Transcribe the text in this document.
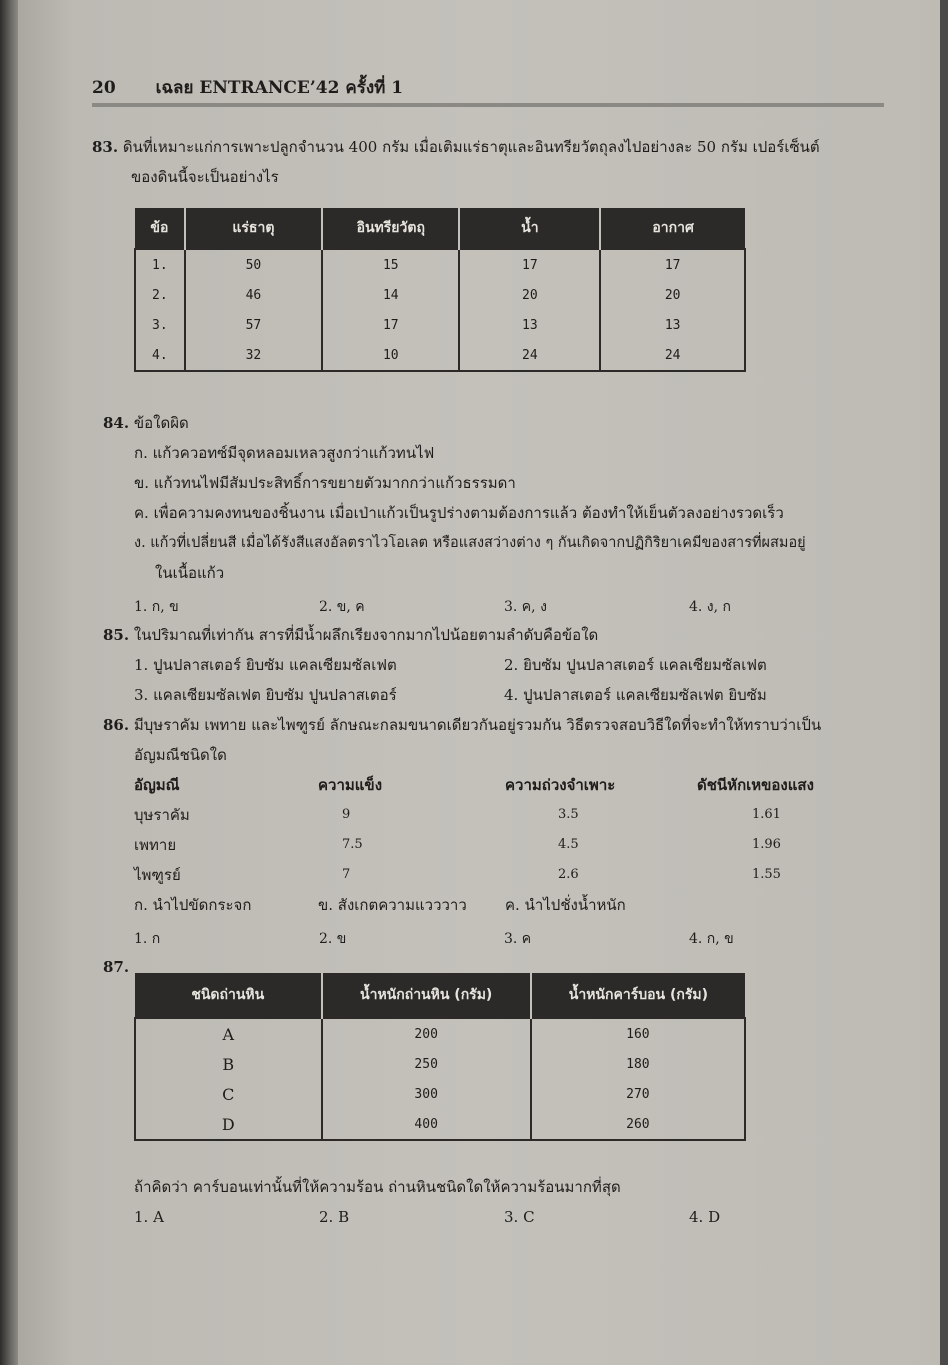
20 เฉลย ENTRANCE’42 ครั้งที่ 1
83. ดินที่เหมาะแก่การเพาะปลูกจำนวน 400 กรัม เมื่อเติมแร่ธาตุและอินทรียวัตถุลงไปอย่างละ 50 กรัม เปอร์เซ็นต์
ของดินนี้จะเป็นอย่างไร
ข้อ	แร่ธาตุ	อินทรียวัตถุ	น้ำ	อากาศ
1.	50	15	17	17
2.	46	14	20	20
3.	57	17	13	13
4.	32	10	24	24
84. ข้อใดผิด
ก. แก้วควอทซ์มีจุดหลอมเหลวสูงกว่าแก้วทนไฟ
ข. แก้วทนไฟมีสัมประสิทธิ์การขยายตัวมากกว่าแก้วธรรมดา
ค. เพื่อความคงทนของชิ้นงาน เมื่อเป่าแก้วเป็นรูปร่างตามต้องการแล้ว ต้องทำให้เย็นตัวลงอย่างรวดเร็ว
ง. แก้วที่เปลี่ยนสี เมื่อได้รังสีแสงอัลตราไวโอเลต หรือแสงสว่างต่าง ๆ กันเกิดจากปฏิกิริยาเคมีของสารที่ผสมอยู่
ในเนื้อแก้ว
1. ก, ข	2. ข, ค	3. ค, ง	4. ง, ก
85. ในปริมาณที่เท่ากัน สารที่มีน้ำผลึกเรียงจากมากไปน้อยตามลำดับคือข้อใด
1. ปูนปลาสเตอร์ ยิบซัม แคลเซียมซัลเฟต	2. ยิบซัม ปูนปลาสเตอร์ แคลเซียมซัลเฟต
3. แคลเซียมซัลเฟต ยิบซัม ปูนปลาสเตอร์	4. ปูนปลาสเตอร์ แคลเซียมซัลเฟต ยิบซัม
86. มีบุษราคัม เพทาย และไพฑูรย์ ลักษณะกลมขนาดเดียวกันอยู่รวมกัน วิธีตรวจสอบวิธีใดที่จะทำให้ทราบว่าเป็น
อัญมณีชนิดใด
อัญมณี	ความแข็ง	ความถ่วงจำเพาะ	ดัชนีหักเหของแสง
บุษราคัม	9	3.5	1.61
เพทาย	7.5	4.5	1.96
ไพฑูรย์	7	2.6	1.55
ก. นำไปขัดกระจก	ข. สังเกตความแวววาว	ค. นำไปชั่งน้ำหนัก
1. ก	2. ข	3. ค	4. ก, ข
87.
ชนิดถ่านหิน	น้ำหนักถ่านหิน (กรัม)	น้ำหนักคาร์บอน (กรัม)
A	200	160
B	250	180
C	300	270
D	400	260
ถ้าคิดว่า คาร์บอนเท่านั้นที่ให้ความร้อน ถ่านหินชนิดใดให้ความร้อนมากที่สุด
1. A	2. B	3. C	4. D
